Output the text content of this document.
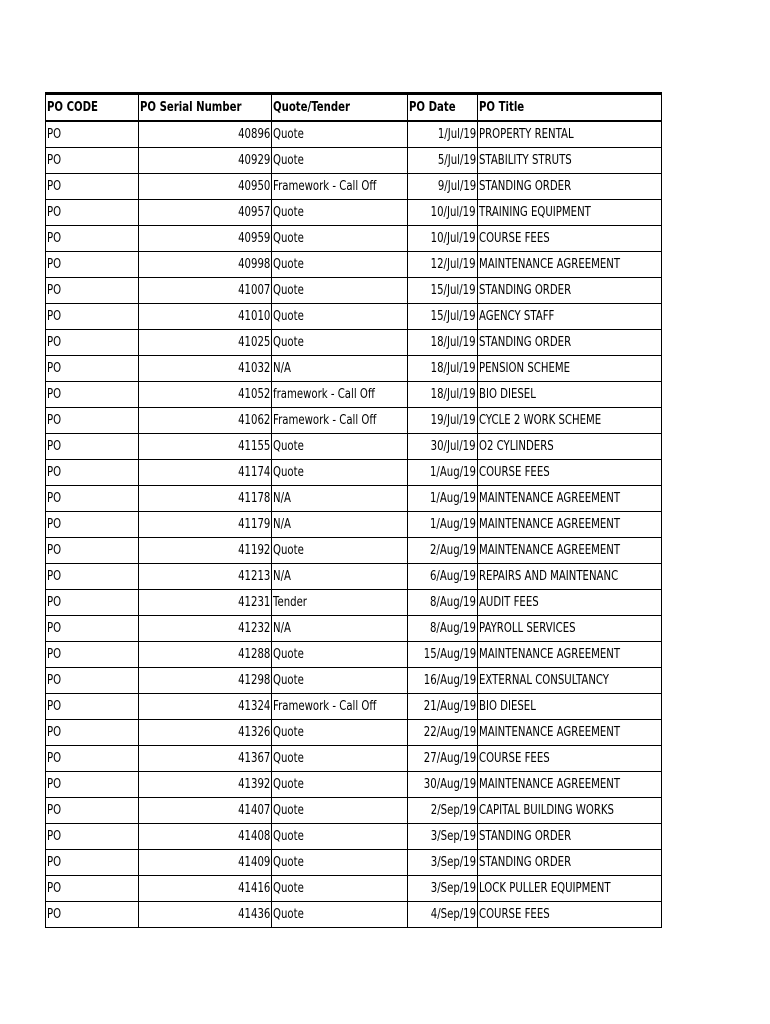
PO CODE	PO Serial Number	Quote/Tender	PO Date	PO Title
PO	40896	Quote	1/Jul/19	PROPERTY RENTAL
PO	40929	Quote	5/Jul/19	STABILITY STRUTS
PO	40950	Framework - Call Off	9/Jul/19	STANDING ORDER
PO	40957	Quote	10/Jul/19	TRAINING EQUIPMENT
PO	40959	Quote	10/Jul/19	COURSE FEES
PO	40998	Quote	12/Jul/19	MAINTENANCE AGREEMENT
PO	41007	Quote	15/Jul/19	STANDING ORDER
PO	41010	Quote	15/Jul/19	AGENCY STAFF
PO	41025	Quote	18/Jul/19	STANDING ORDER
PO	41032	N/A	18/Jul/19	PENSION SCHEME
PO	41052	framework - Call Off	18/Jul/19	BIO DIESEL
PO	41062	Framework - Call Off	19/Jul/19	CYCLE 2 WORK SCHEME
PO	41155	Quote	30/Jul/19	O2 CYLINDERS
PO	41174	Quote	1/Aug/19	COURSE FEES
PO	41178	N/A	1/Aug/19	MAINTENANCE AGREEMENT
PO	41179	N/A	1/Aug/19	MAINTENANCE AGREEMENT
PO	41192	Quote	2/Aug/19	MAINTENANCE AGREEMENT
PO	41213	N/A	6/Aug/19	REPAIRS AND MAINTENANC
PO	41231	Tender	8/Aug/19	AUDIT FEES
PO	41232	N/A	8/Aug/19	PAYROLL SERVICES
PO	41288	Quote	15/Aug/19	MAINTENANCE AGREEMENT
PO	41298	Quote	16/Aug/19	EXTERNAL CONSULTANCY
PO	41324	Framework - Call Off	21/Aug/19	BIO DIESEL
PO	41326	Quote	22/Aug/19	MAINTENANCE AGREEMENT
PO	41367	Quote	27/Aug/19	COURSE FEES
PO	41392	Quote	30/Aug/19	MAINTENANCE AGREEMENT
PO	41407	Quote	2/Sep/19	CAPITAL BUILDING WORKS
PO	41408	Quote	3/Sep/19	STANDING ORDER
PO	41409	Quote	3/Sep/19	STANDING ORDER
PO	41416	Quote	3/Sep/19	LOCK PULLER EQUIPMENT
PO	41436	Quote	4/Sep/19	COURSE FEES
